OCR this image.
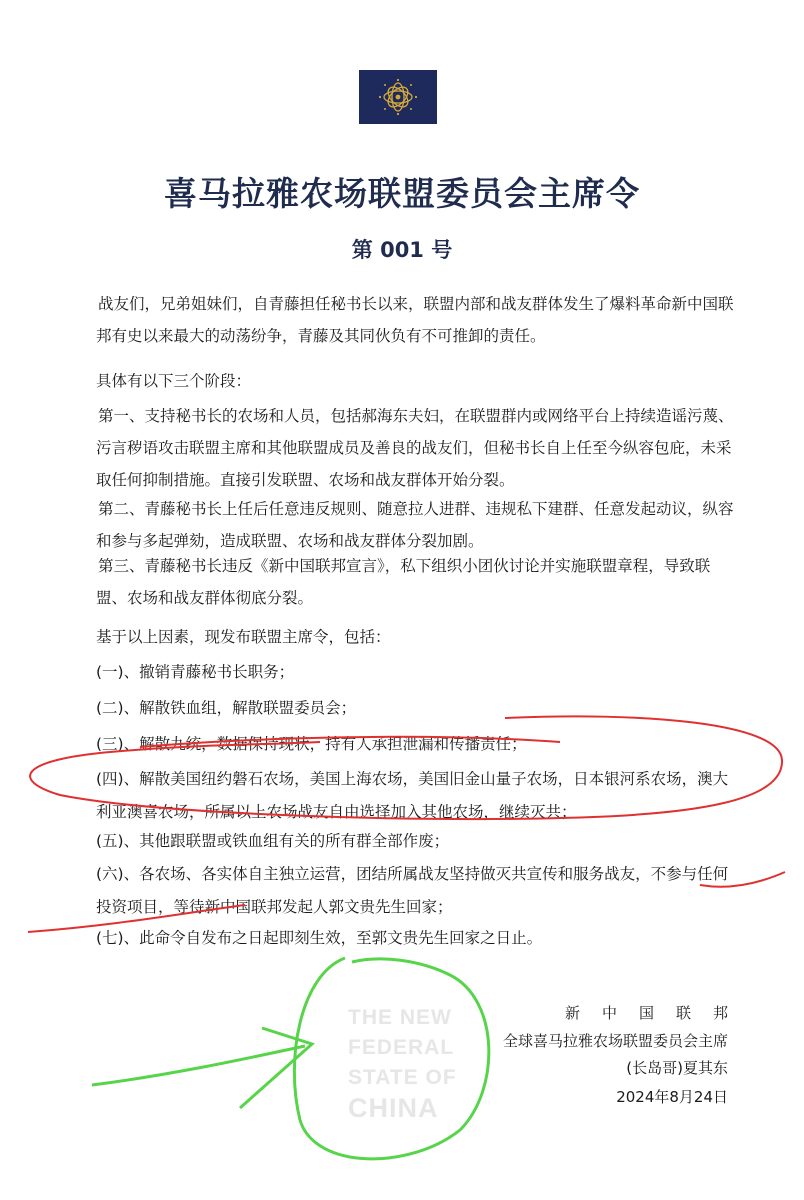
喜马拉雅农场联盟委员会主席令
第 001 号
战友们，兄弟姐妹们，自青藤担任秘书长以来，联盟内部和战友群体发生了爆料革命新中国联邦有史以来最大的动荡纷争，青藤及其同伙负有不可推卸的责任。
具体有以下三个阶段：
第一、支持秘书长的农场和人员，包括郝海东夫妇，在联盟群内或网络平台上持续造谣污蔑、污言秽语攻击联盟主席和其他联盟成员及善良的战友们，但秘书长自上任至今纵容包庇，未采取任何抑制措施。直接引发联盟、农场和战友群体开始分裂。
第二、青藤秘书长上任后任意违反规则、随意拉人进群、违规私下建群、任意发起动议，纵容和参与多起弹劾，造成联盟、农场和战友群体分裂加剧。
第三、青藤秘书长违反《新中国联邦宣言》，私下组织小团伙讨论并实施联盟章程，导致联盟、农场和战友群体彻底分裂。
基于以上因素，现发布联盟主席令，包括：
(一)、撤销青藤秘书长职务；
(二)、解散铁血组，解散联盟委员会；
(三)、解散九统，数据保持现状，持有人承担泄漏和传播责任；
(四)、解散美国纽约磐石农场，美国上海农场，美国旧金山量子农场，日本银河系农场，澳大利亚澳喜农场，所属以上农场战友自由选择加入其他农场，继续灭共；
(五)、其他跟联盟或铁血组有关的所有群全部作废；
(六)、各农场、各实体自主独立运营，团结所属战友坚持做灭共宣传和服务战友，不参与任何投资项目，等待新中国联邦发起人郭文贵先生回家；
(七)、此命令自发布之日起即刻生效，至郭文贵先生回家之日止。
THE NEW
FEDERAL
STATE OF
CHINA
新中国联邦
全球喜马拉雅农场联盟委员会主席
(长岛哥)夏其东
2024年8月24日
